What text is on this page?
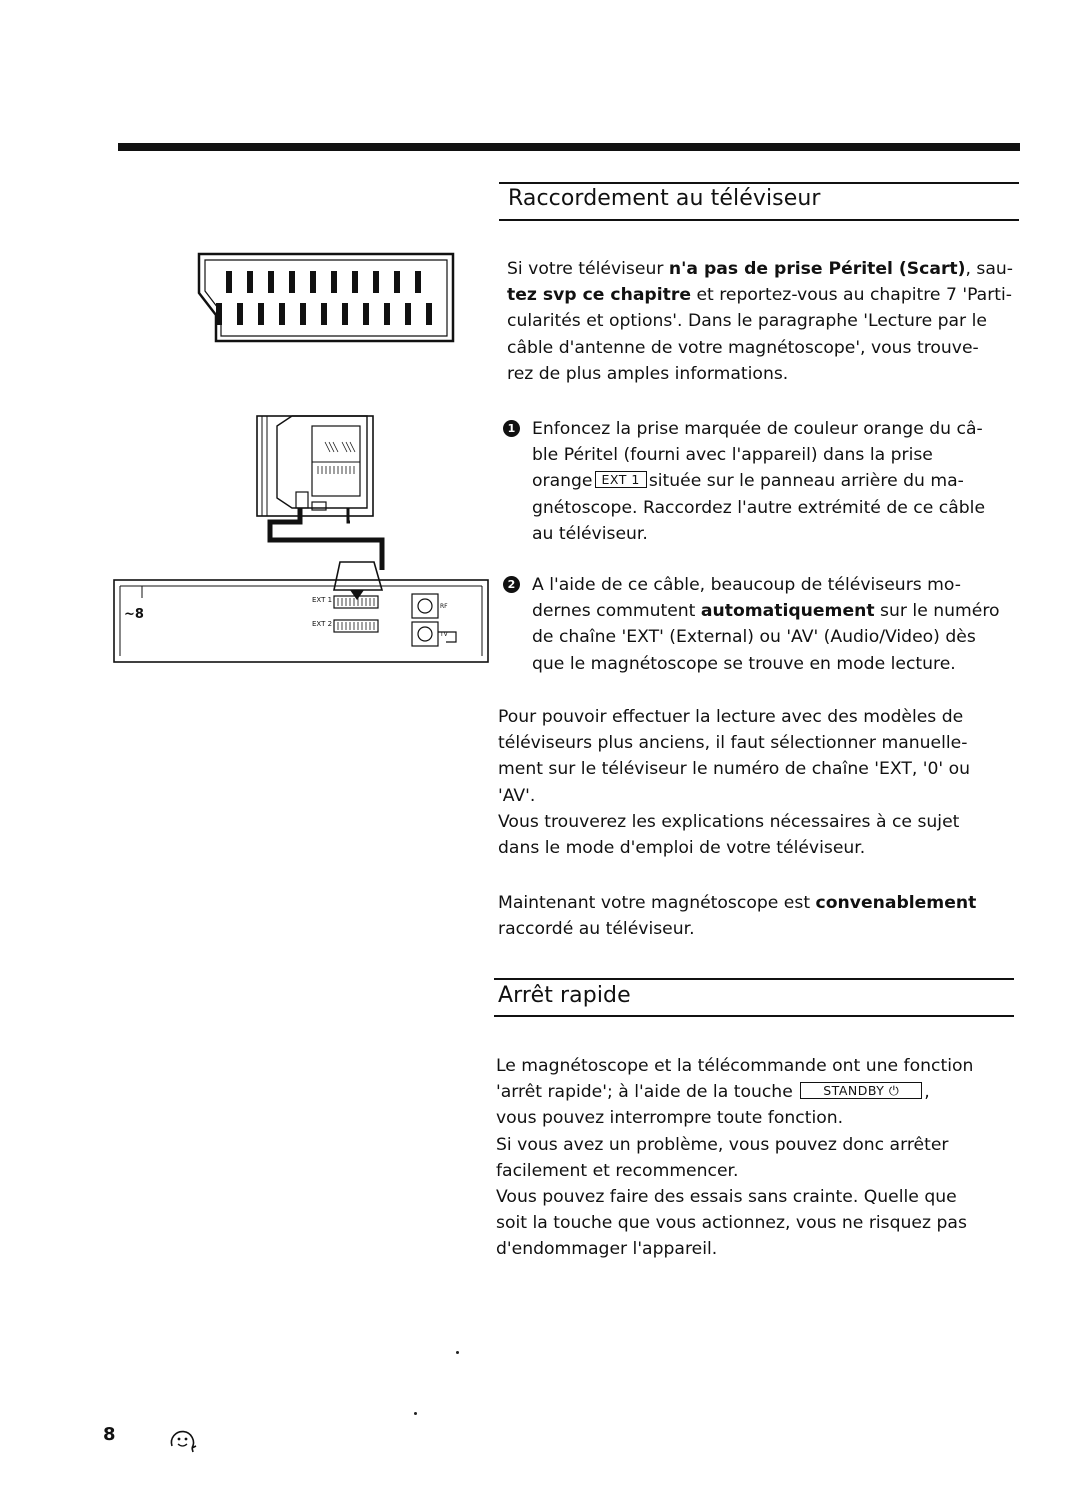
Raccordement au téléviseur

Si votre téléviseur n'a pas de prise Péritel (Scart), sau-
tez svp ce chapitre et reportez-vous au chapitre 7 'Parti-
cularités et options'. Dans le paragraphe 'Lecture par le
câble d'antenne de votre magnétoscope', vous trouve-
rez de plus amples informations.

1 Enfoncez la prise marquée de couleur orange du câ-
ble Péritel (fourni avec l'appareil) dans la prise
orange EXT 1 située sur le panneau arrière du ma-
gnétoscope. Raccordez l'autre extrémité de ce câble
au téléviseur.

2 A l'aide de ce câble, beaucoup de téléviseurs mo-
dernes commutent automatiquement sur le numéro
de chaîne 'EXT' (External) ou 'AV' (Audio/Video) dès
que le magnétoscope se trouve en mode lecture.

Pour pouvoir effectuer la lecture avec des modèles de
téléviseurs plus anciens, il faut sélectionner manuelle-
ment sur le téléviseur le numéro de chaîne 'EXT, '0' ou
'AV'.
Vous trouverez les explications nécessaires à ce sujet
dans le mode d'emploi de votre téléviseur.

Maintenant votre magnétoscope est convenablement
raccordé au téléviseur.

Arrêt rapide

Le magnétoscope et la télécommande ont une fonction
'arrêt rapide'; à l'aide de la touche STANDBY ⏻ ,
vous pouvez interrompre toute fonction.
Si vous avez un problème, vous pouvez donc arrêter
facilement et recommencer.
Vous pouvez faire des essais sans crainte. Quelle que
soit la touche que vous actionnez, vous ne risquez pas
d'endommager l'appareil.

~8
EXT 1
EXT 2
RF
TV
8
